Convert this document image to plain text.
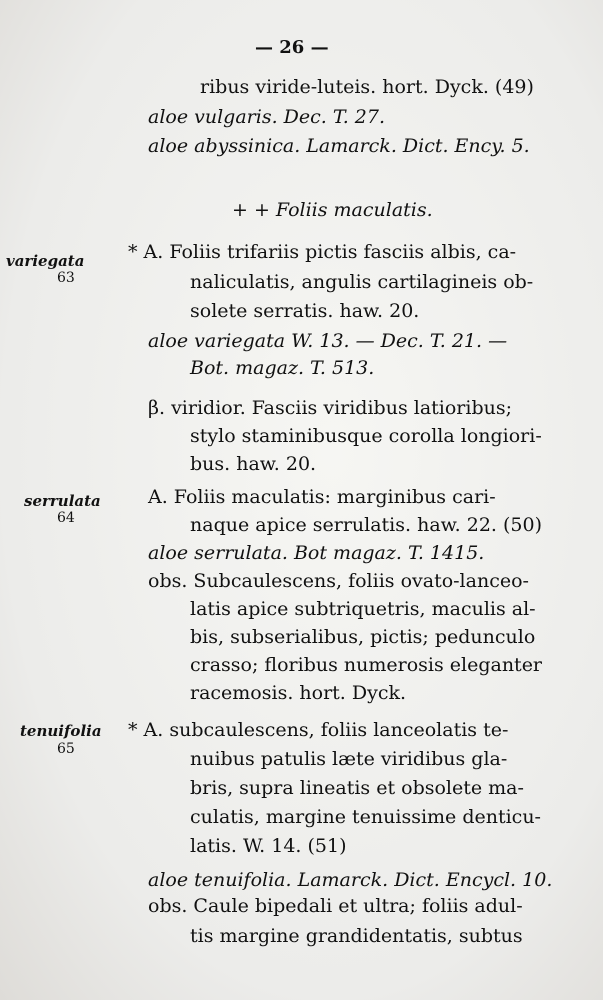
— 26 —
ribus viride-luteis. hort. Dyck. (49)
aloe vulgaris. Dec. T. 27.
aloe abyssinica. Lamarck. Dict. Ency. 5.
+ + Foliis maculatis.
variegata
63
* A. Foliis trifariis pictis fasciis albis, ca-
naliculatis, angulis cartilagineis ob-
solete serratis. haw. 20.
aloe variegata W. 13. — Dec. T. 21. —
Bot. magaz. T. 513.
β. viridior. Fasciis viridibus latioribus;
stylo staminibusque corolla longiori-
bus. haw. 20.
serrulata
64
A. Foliis maculatis: marginibus cari-
naque apice serrulatis. haw. 22. (50)
aloe serrulata. Bot magaz. T. 1415.
obs. Subcaulescens, foliis ovato-lanceo-
latis apice subtriquetris, maculis al-
bis, subserialibus, pictis; pedunculo
crasso; floribus numerosis eleganter
racemosis. hort. Dyck.
tenuifolia
65
* A. subcaulescens, foliis lanceolatis te-
nuibus patulis læte viridibus gla-
bris, supra lineatis et obsolete ma-
culatis, margine tenuissime denticu-
latis. W. 14. (51)
aloe tenuifolia. Lamarck. Dict. Encycl. 10.
obs. Caule bipedali et ultra; foliis adul-
tis margine grandidentatis, subtus
